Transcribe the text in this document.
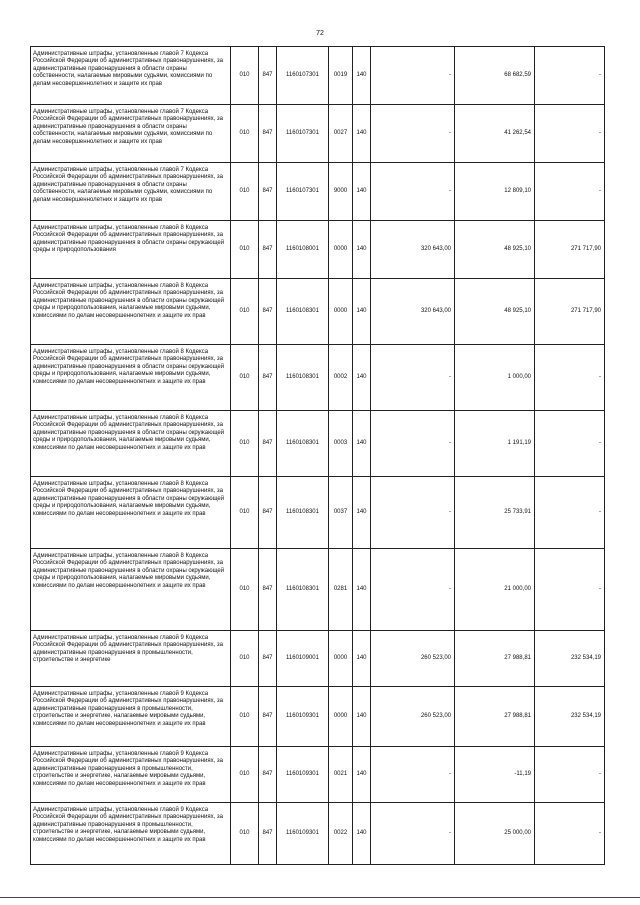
72
Административные штрафы, установленные главой 7 Кодекса Российской Федерации об административных правонарушениях, за административные правонарушения в области охраны собственности, налагаемые мировыми судьями, комиссиями по делам несовершеннолетних и защите их прав	010	847	1160107301	0019	140	-	68 682,59	-
Административные штрафы, установленные главой 7 Кодекса Российской Федерации об административных правонарушениях, за административные правонарушения в области охраны собственности, налагаемые мировыми судьями, комиссиями по делам несовершеннолетних и защите их прав	010	847	1160107301	0027	140	-	41 262,54	-
Административные штрафы, установленные главой 7 Кодекса Российской Федерации об административных правонарушениях, за административные правонарушения в области охраны собственности, налагаемые мировыми судьями, комиссиями по делам несовершеннолетних и защите их прав	010	847	1160107301	9000	140	-	12 809,10	-
Административные штрафы, установленные главой 8 Кодекса Российской Федерации об административных правонарушениях, за административные правонарушения в области охраны окружающей среды и природопользования	010	847	1160108001	0000	140	320 643,00	48 925,10	271 717,90
Административные штрафы, установленные главой 8 Кодекса Российской Федерации об административных правонарушениях, за административные правонарушения в области охраны окружающей среды и природопользования, налагаемые мировыми судьями, комиссиями по делам несовершеннолетних и защите их прав	010	847	1160108301	0000	140	320 643,00	48 925,10	271 717,90
Административные штрафы, установленные главой 8 Кодекса Российской Федерации об административных правонарушениях, за административные правонарушения в области охраны окружающей среды и природопользования, налагаемые мировыми судьями, комиссиями по делам несовершеннолетних и защите их прав	010	847	1160108301	0002	140	-	1 000,00	-
Административные штрафы, установленные главой 8 Кодекса Российской Федерации об административных правонарушениях, за административные правонарушения в области охраны окружающей среды и природопользования, налагаемые мировыми судьями, комиссиями по делам несовершеннолетних и защите их прав	010	847	1160108301	0003	140	-	1 191,19	-
Административные штрафы, установленные главой 8 Кодекса Российской Федерации об административных правонарушениях, за административные правонарушения в области охраны окружающей среды и природопользования, налагаемые мировыми судьями, комиссиями по делам несовершеннолетних и защите их прав	010	847	1160108301	0037	140	-	25 733,91	-
Административные штрафы, установленные главой 8 Кодекса Российской Федерации об административных правонарушениях, за административные правонарушения в области охраны окружающей среды и природопользования, налагаемые мировыми судьями, комиссиями по делам несовершеннолетних и защите их прав	010	847	1160108301	0281	140	-	21 000,00	-
Административные штрафы, установленные главой 9 Кодекса Российской Федерации об административных правонарушениях, за административные правонарушения в промышленности, строительстве и энергетике	010	847	1160109001	0000	140	260 523,00	27 988,81	232 534,19
Административные штрафы, установленные главой 9 Кодекса Российской Федерации об административных правонарушениях, за административные правонарушения в промышленности, строительстве и энергетике, налагаемые мировыми судьями, комиссиями по делам несовершеннолетних и защите их прав	010	847	1160109301	0000	140	260 523,00	27 988,81	232 534,19
Административные штрафы, установленные главой 9 Кодекса Российской Федерации об административных правонарушениях, за административные правонарушения в промышленности, строительстве и энергетике, налагаемые мировыми судьями, комиссиями по делам несовершеннолетних и защите их прав	010	847	1160109301	0021	140	-	-11,19	-
Административные штрафы, установленные главой 9 Кодекса Российской Федерации об административных правонарушениях, за административные правонарушения в промышленности, строительстве и энергетике, налагаемые мировыми судьями, комиссиями по делам несовершеннолетних и защите их прав	010	847	1160109301	0022	140	-	25 000,00	-
